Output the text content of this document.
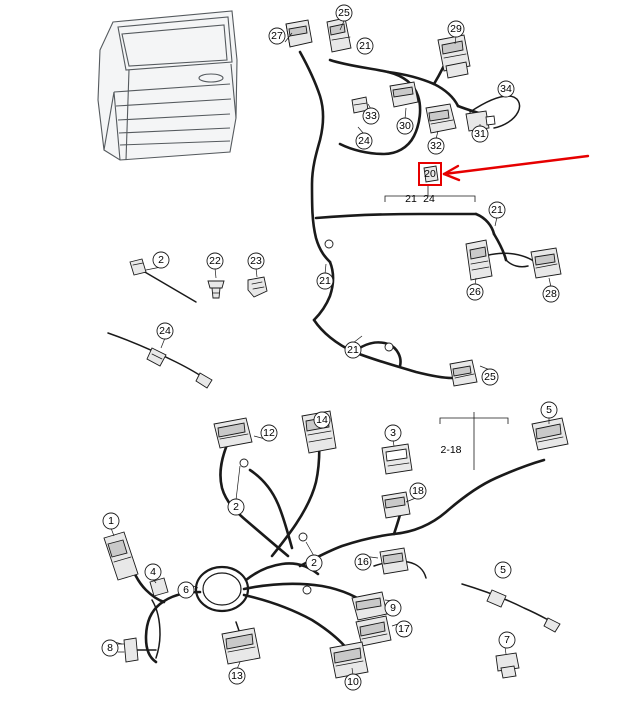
1
2
2
3
4
5
5
6
7
8
9
10
12
13
14
16
17
18
2-18
21
21
21
21
21
22	23
24
24
24
25
25
26
27
28
29
30
31
32
33
34
2
20
